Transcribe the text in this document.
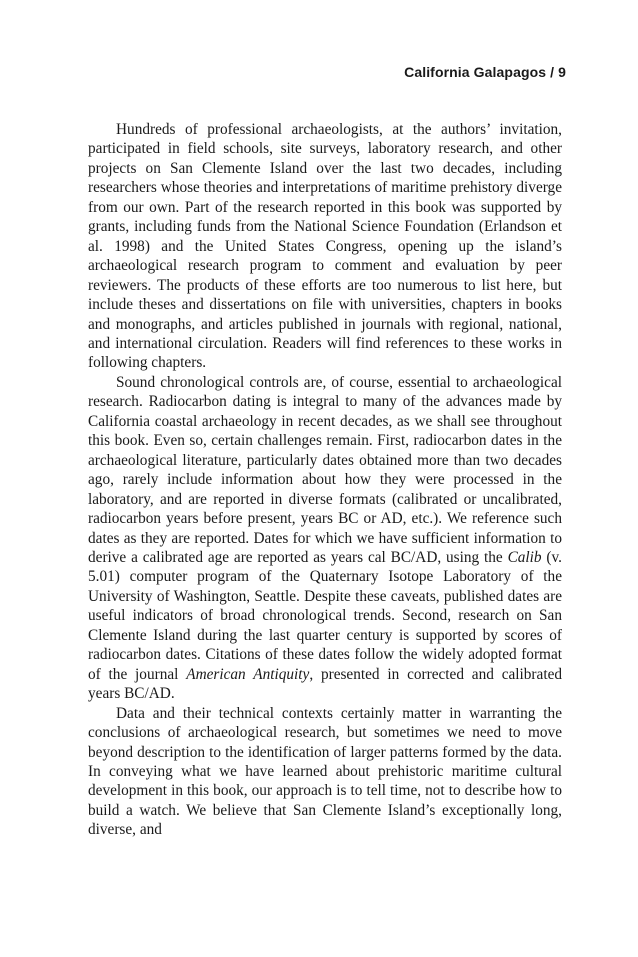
California Galapagos / 9

Hundreds of professional archaeologists, at the authors’ invitation, participated in field schools, site surveys, laboratory research, and other projects on San Clemente Island over the last two decades, including researchers whose theories and interpretations of maritime prehistory diverge from our own. Part of the research reported in this book was supported by grants, including funds from the National Science Foundation (Erlandson et al. 1998) and the United States Congress, opening up the island’s archaeological research program to comment and evaluation by peer reviewers. The products of these efforts are too numerous to list here, but include theses and dissertations on file with universities, chapters in books and monographs, and articles published in journals with regional, national, and international circulation. Readers will find references to these works in following chapters.

Sound chronological controls are, of course, essential to archaeological research. Radiocarbon dating is integral to many of the advances made by California coastal archaeology in recent decades, as we shall see throughout this book. Even so, certain challenges remain. First, radiocarbon dates in the archaeological literature, particularly dates obtained more than two decades ago, rarely include information about how they were processed in the laboratory, and are reported in diverse formats (calibrated or uncalibrated, radiocarbon years before present, years BC or AD, etc.). We reference such dates as they are reported. Dates for which we have sufficient information to derive a calibrated age are reported as years cal BC/AD, using the Calib (v. 5.01) computer program of the Quaternary Isotope Laboratory of the University of Washington, Seattle. Despite these caveats, published dates are useful indicators of broad chronological trends. Second, research on San Clemente Island during the last quarter century is supported by scores of radiocarbon dates. Citations of these dates follow the widely adopted format of the journal American Antiquity, presented in corrected and calibrated years BC/AD.

Data and their technical contexts certainly matter in warranting the conclusions of archaeological research, but sometimes we need to move beyond description to the identification of larger patterns formed by the data. In conveying what we have learned about prehistoric maritime cultural development in this book, our approach is to tell time, not to describe how to build a watch. We believe that San Clemente Island’s exceptionally long, diverse, and
